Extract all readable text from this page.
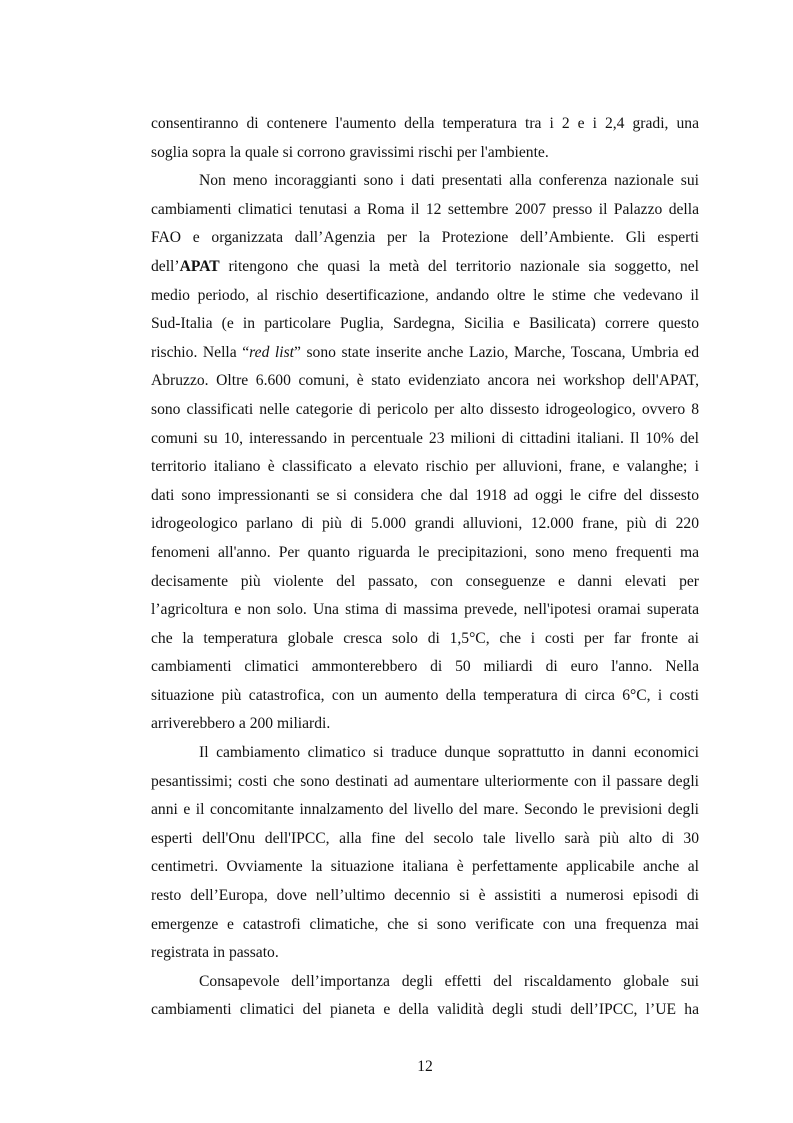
consentiranno di contenere l'aumento della temperatura tra i 2 e i 2,4 gradi, una
soglia sopra la quale si corrono gravissimi rischi per l'ambiente.
Non meno incoraggianti sono i dati presentati alla conferenza nazionale sui
cambiamenti climatici tenutasi a Roma il 12 settembre 2007 presso il Palazzo della
FAO e organizzata dall’Agenzia per la Protezione dell’Ambiente. Gli esperti
dell’APAT ritengono che quasi la metà del territorio nazionale sia soggetto, nel
medio periodo, al rischio desertificazione, andando oltre le stime che vedevano il
Sud-Italia (e in particolare Puglia, Sardegna, Sicilia e Basilicata) correre questo
rischio. Nella “red list” sono state inserite anche Lazio, Marche, Toscana, Umbria ed
Abruzzo. Oltre 6.600 comuni, è stato evidenziato ancora nei workshop dell'APAT,
sono classificati nelle categorie di pericolo per alto dissesto idrogeologico, ovvero 8
comuni su 10, interessando in percentuale 23 milioni di cittadini italiani. Il 10% del
territorio italiano è classificato a elevato rischio per alluvioni, frane, e valanghe; i
dati sono impressionanti se si considera che dal 1918 ad oggi le cifre del dissesto
idrogeologico parlano di più di 5.000 grandi alluvioni, 12.000 frane, più di 220
fenomeni all'anno. Per quanto riguarda le precipitazioni, sono meno frequenti ma
decisamente più violente del passato, con conseguenze e danni elevati per
l’agricoltura e non solo. Una stima di massima prevede, nell'ipotesi oramai superata
che la temperatura globale cresca solo di 1,5°C, che i costi per far fronte ai
cambiamenti climatici ammonterebbero di 50 miliardi di euro l'anno. Nella
situazione più catastrofica, con un aumento della temperatura di circa 6°C, i costi
arriverebbero a 200 miliardi.
Il cambiamento climatico si traduce dunque soprattutto in danni economici
pesantissimi; costi che sono destinati ad aumentare ulteriormente con il passare degli
anni e il concomitante innalzamento del livello del mare. Secondo le previsioni degli
esperti dell'Onu dell'IPCC, alla fine del secolo tale livello sarà più alto di 30
centimetri. Ovviamente la situazione italiana è perfettamente applicabile anche al
resto dell’Europa, dove nell’ultimo decennio si è assistiti a numerosi episodi di
emergenze e catastrofi climatiche, che si sono verificate con una frequenza mai
registrata in passato.
Consapevole dell’importanza degli effetti del riscaldamento globale sui
cambiamenti climatici del pianeta e della validità degli studi dell’IPCC, l’UE ha
12
